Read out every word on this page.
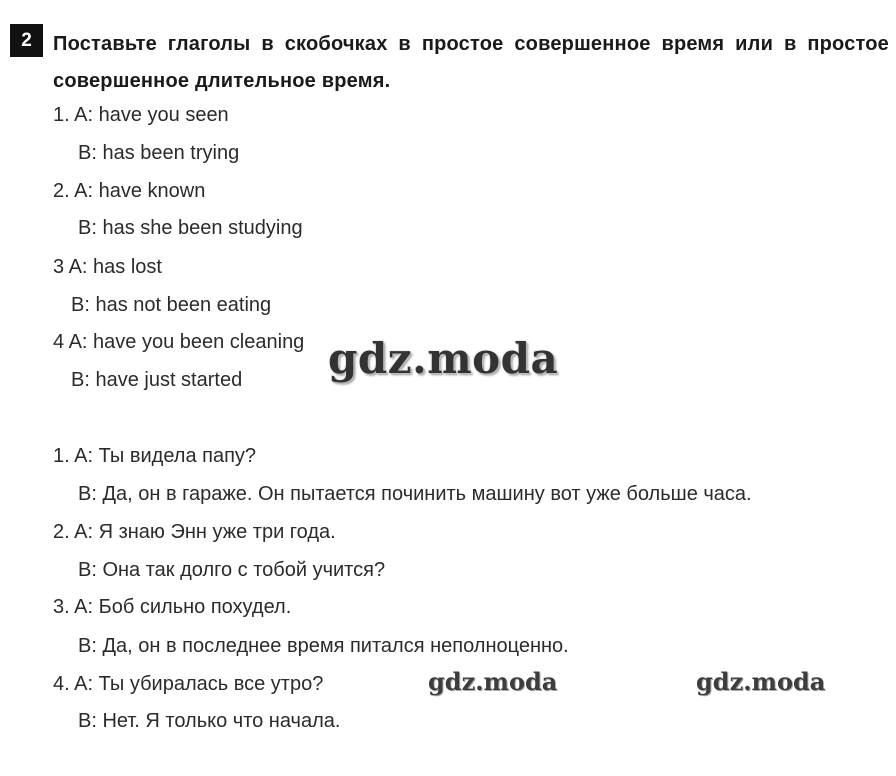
2	Поставьте глаголы в скобочках в простое совершенное время или в простое совершенное длительное время.
1. A: have you seen
B: has been trying
2. A: have known
B: has she been studying
3 A: has lost
B: has not been eating
4 A: have you been cleaning
B: have just started
1. A: Ты видела папу?
B: Да, он в гараже. Он пытается починить машину вот уже больше часа.
2. A: Я знаю Энн уже три года.
B: Она так долго с тобой учится?
3. A: Боб сильно похудел.
B: Да, он в последнее время питался неполноценно.
4. A: Ты убиралась все утро?
B: Нет. Я только что начала.
gdz.moda
gdz.moda	gdz.moda
